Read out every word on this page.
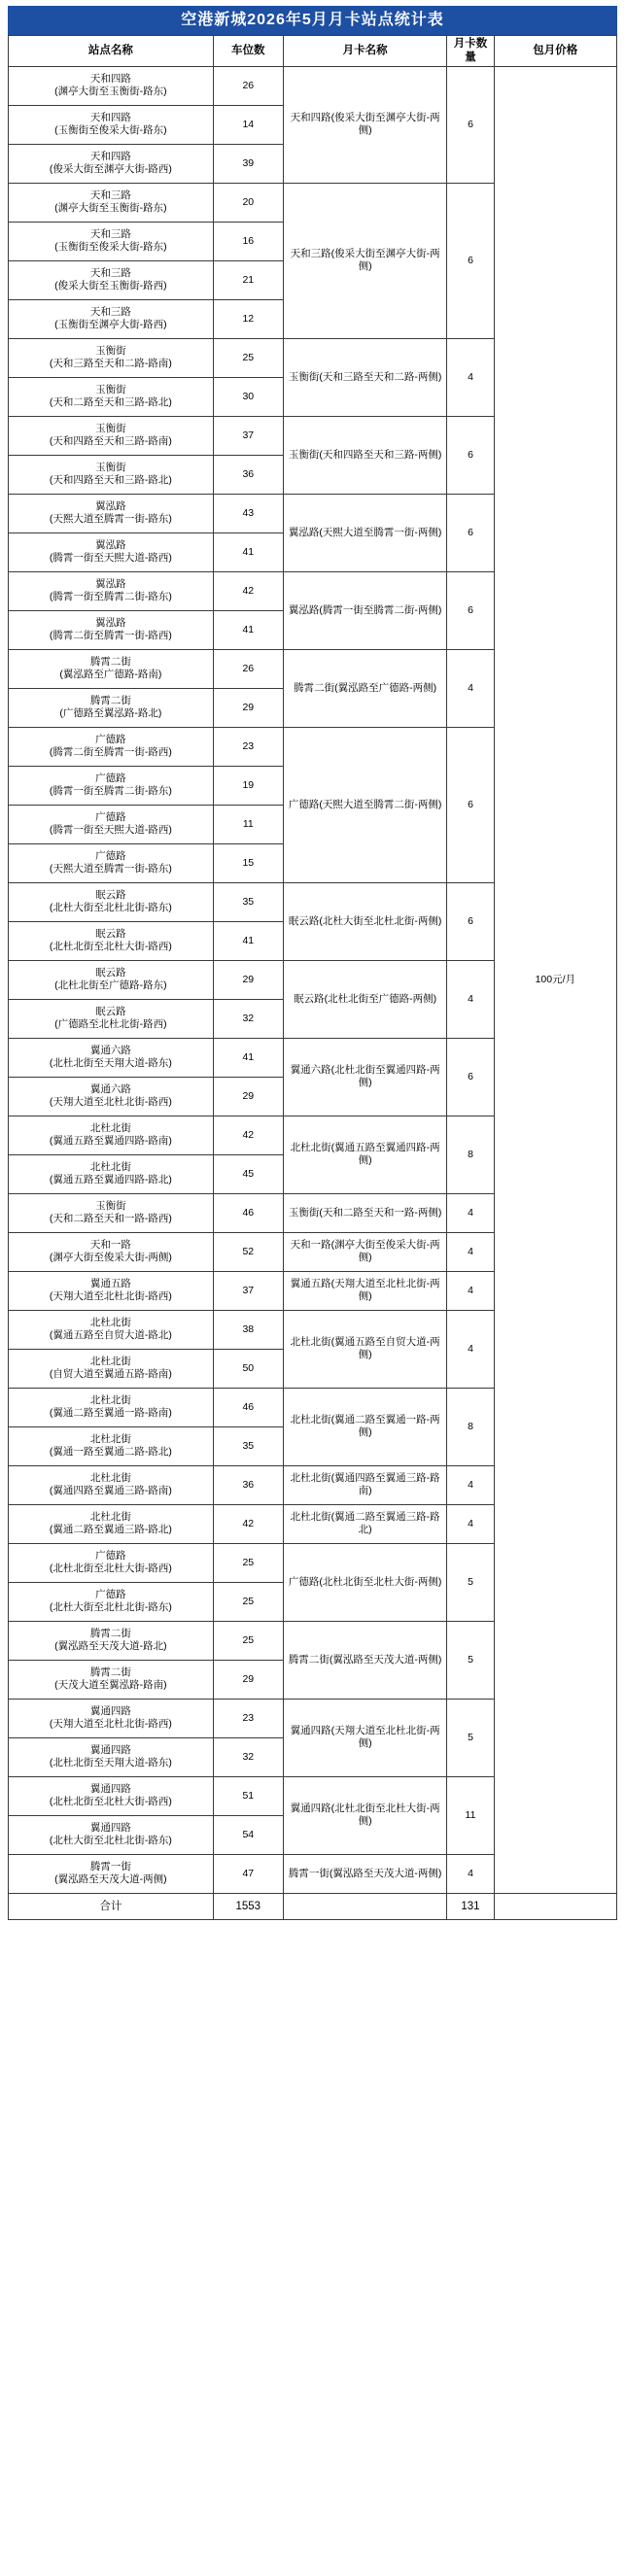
空港新城2026年5月月卡站点统计表
站点名称	车位数	月卡名称	月卡数量	包月价格

天和四路
(渊亭大街至玉衡街-路东)	26	天和四路(俊采大街至渊亭大街-两侧)	6	100元/月

天和四路
(玉衡街至俊采大街-路东)	14			

天和四路
(俊采大街至渊亭大街-路西)	39			

天和三路
(渊亭大街至玉衡街-路东)	20	天和三路(俊采大街至渊亭大街-两侧)	6	

天和三路
(玉衡街至俊采大街-路东)	16			

天和三路
(俊采大街至玉衡街-路西)	21			

天和三路
(玉衡街至渊亭大街-路西)	12			

玉衡街
(天和三路至天和二路-路南)	25	玉衡街(天和三路至天和二路-两侧)	4	

玉衡街
(天和二路至天和三路-路北)	30			

玉衡街
(天和四路至天和三路-路南)	37	玉衡街(天和四路至天和三路-两侧)	6	

玉衡街
(天和四路至天和三路-路北)	36			

翼泓路
(天熙大道至腾霄一街-路东)	43	翼泓路(天熙大道至腾霄一街-两侧)	6	

翼泓路
(腾霄一街至天熙大道-路西)	41			

翼泓路
(腾霄一街至腾霄二街-路东)	42	翼泓路(腾霄一街至腾霄二街-两侧)	6	

翼泓路
(腾霄二街至腾霄一街-路西)	41			

腾霄二街
(翼泓路至广德路-路南)	26	腾霄二街(翼泓路至广德路-两侧)	4	

腾霄二街
(广德路至翼泓路-路北)	29			

广德路
(腾霄二街至腾霄一街-路西)	23	广德路(天熙大道至腾霄二街-两侧)	6	

广德路
(腾霄一街至腾霄二街-路东)	19			

广德路
(腾霄一街至天熙大道-路西)	11			

广德路
(天熙大道至腾霄一街-路东)	15			

眠云路
(北杜大街至北杜北街-路东)	35	眠云路(北杜大街至北杜北街-两侧)	6	

眠云路
(北杜北街至北杜大街-路西)	41			

眠云路
(北杜北街至广德路-路东)	29	眠云路(北杜北街至广德路-两侧)	4	

眠云路
(广德路至北杜北街-路西)	32			

翼通六路
(北杜北街至天翔大道-路东)	41	翼通六路(北杜北街至翼通四路-两侧)	6	

翼通六路
(天翔大道至北杜北街-路西)	29			

北杜北街
(翼通五路至翼通四路-路南)	42	北杜北街(翼通五路至翼通四路-两侧)	8	

北杜北街
(翼通五路至翼通四路-路北)	45			

玉衡街
(天和二路至天和一路-路西)	46	玉衡街(天和二路至天和一路-两侧)	4	

天和一路
(渊亭大街至俊采大街-两侧)	52	天和一路(渊亭大街至俊采大街-两侧)	4	

翼通五路
(天翔大道至北杜北街-路西)	37	翼通五路(天翔大道至北杜北街-两侧)	4	

北杜北街
(翼通五路至自贸大道-路北)	38	北杜北街(翼通五路至自贸大道-两侧)	4	

北杜北街
(自贸大道至翼通五路-路南)	50			

北杜北街
(翼通二路至翼通一路-路南)	46	北杜北街(翼通二路至翼通一路-两侧)	8	

北杜北街
(翼通一路至翼通二路-路北)	35			

北杜北街
(翼通四路至翼通三路-路南)	36	北杜北街(翼通四路至翼通三路-路南)	4	

北杜北街
(翼通二路至翼通三路-路北)	42	北杜北街(翼通二路至翼通三路-路北)	4	

广德路
(北杜北街至北杜大街-路西)	25	广德路(北杜北街至北杜大街-两侧)	5	

广德路
(北杜大街至北杜北街-路东)	25			

腾霄二街
(翼泓路至天茂大道-路北)	25	腾霄二街(翼泓路至天茂大道-两侧)	5	

腾霄二街
(天茂大道至翼泓路-路南)	29			

翼通四路
(天翔大道至北杜北街-路西)	23	翼通四路(天翔大道至北杜北街-两侧)	5	

翼通四路
(北杜北街至天翔大道-路东)	32			

翼通四路
(北杜北街至北杜大街-路西)	51	翼通四路(北杜北街至北杜大街-两侧)	11	

翼通四路
(北杜大街至北杜北街-路东)	54			

腾霄一街
(翼泓路至天茂大道-两侧)	47	腾霄一街(翼泓路至天茂大道-两侧)	4	
合计	1553		131	
